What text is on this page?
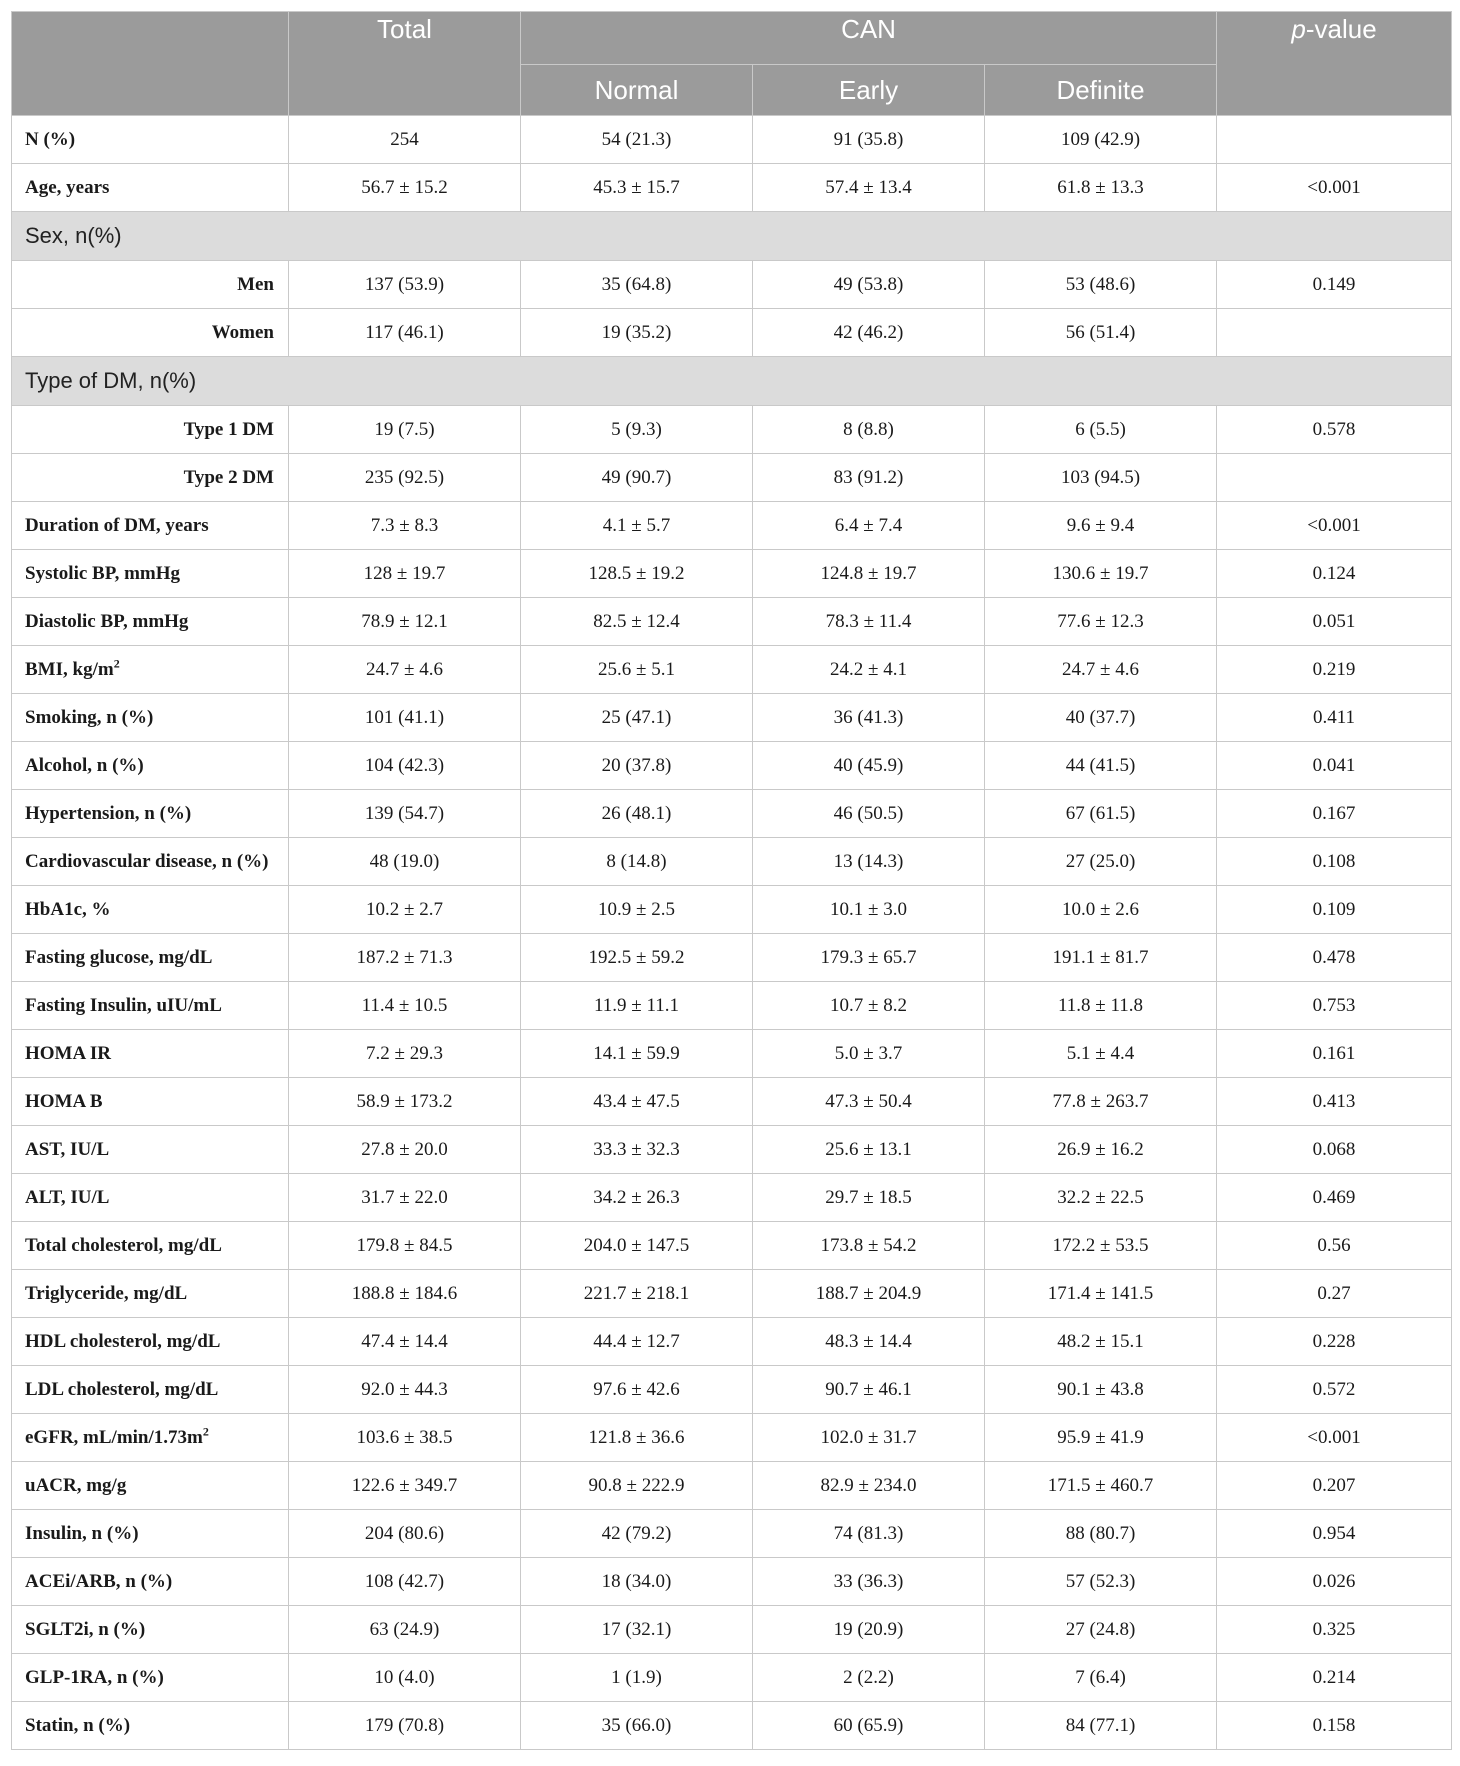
	Total	CAN			p-value
		Normal	Early	Definite	
N (%)	254	54 (21.3)	91 (35.8)	109 (42.9)	
Age, years	56.7 ± 15.2	45.3 ± 15.7	57.4 ± 13.4	61.8 ± 13.3	<0.001
Sex, n(%)					
Men	137 (53.9)	35 (64.8)	49 (53.8)	53 (48.6)	0.149
Women	117 (46.1)	19 (35.2)	42 (46.2)	56 (51.4)	
Type of DM, n(%)					
Type 1 DM	19 (7.5)	5 (9.3)	8 (8.8)	6 (5.5)	0.578
Type 2 DM	235 (92.5)	49 (90.7)	83 (91.2)	103 (94.5)	
Duration of DM, years	7.3 ± 8.3	4.1 ± 5.7	6.4 ± 7.4	9.6 ± 9.4	<0.001
Systolic BP, mmHg	128 ± 19.7	128.5 ± 19.2	124.8 ± 19.7	130.6 ± 19.7	0.124
Diastolic BP, mmHg	78.9 ± 12.1	82.5 ± 12.4	78.3 ± 11.4	77.6 ± 12.3	0.051
BMI, $kg/m^2$	24.7 ± 4.6	25.6 ± 5.1	24.2 ± 4.1	24.7 ± 4.6	0.219
Smoking, n (%)	101 (41.1)	25 (47.1)	36 (41.3)	40 (37.7)	0.411
Alcohol, n (%)	104 (42.3)	20 (37.8)	40 (45.9)	44 (41.5)	0.041
Hypertension, n (%)	139 (54.7)	26 (48.1)	46 (50.5)	67 (61.5)	0.167
Cardiovascular disease, n (%)	48 (19.0)	8 (14.8)	13 (14.3)	27 (25.0)	0.108
HbA1c, %	10.2 ± 2.7	10.9 ± 2.5	10.1 ± 3.0	10.0 ± 2.6	0.109
Fasting glucose, mg/dL	187.2 ± 71.3	192.5 ± 59.2	179.3 ± 65.7	191.1 ± 81.7	0.478
Fasting Insulin, uIU/mL	11.4 ± 10.5	11.9 ± 11.1	10.7 ± 8.2	11.8 ± 11.8	0.753
HOMA IR	7.2 ± 29.3	14.1 ± 59.9	5.0 ± 3.7	5.1 ± 4.4	0.161
HOMA B	58.9 ± 173.2	43.4 ± 47.5	47.3 ± 50.4	77.8 ± 263.7	0.413
AST, IU/L	27.8 ± 20.0	33.3 ± 32.3	25.6 ± 13.1	26.9 ± 16.2	0.068
ALT, IU/L	31.7 ± 22.0	34.2 ± 26.3	29.7 ± 18.5	32.2 ± 22.5	0.469
Total cholesterol, mg/dL	179.8 ± 84.5	204.0 ± 147.5	173.8 ± 54.2	172.2 ± 53.5	0.56
Triglyceride, mg/dL	188.8 ± 184.6	221.7 ± 218.1	188.7 ± 204.9	171.4 ± 141.5	0.27
HDL cholesterol, mg/dL	47.4 ± 14.4	44.4 ± 12.7	48.3 ± 14.4	48.2 ± 15.1	0.228
LDL cholesterol, mg/dL	92.0 ± 44.3	97.6 ± 42.6	90.7 ± 46.1	90.1 ± 43.8	0.572
eGFR, $mL/\min/1.73m^2$	103.6 ± 38.5	121.8 ± 36.6	102.0 ± 31.7	95.9 ± 41.9	<0.001
uACR, mg/g	122.6 ± 349.7	90.8 ± 222.9	82.9 ± 234.0	171.5 ± 460.7	0.207
Insulin, n (%)	204 (80.6)	42 (79.2)	74 (81.3)	88 (80.7)	0.954
ACEi/ARB, n (%)	108 (42.7)	18 (34.0)	33 (36.3)	57 (52.3)	0.026
SGLT2i, n (%)	63 (24.9)	17 (32.1)	19 (20.9)	27 (24.8)	0.325
GLP-1RA, n (%)	10 (4.0)	1 (1.9)	2 (2.2)	7 (6.4)	0.214
Statin, n (%)	179 (70.8)	35 (66.0)	60 (65.9)	84 (77.1)	0.158
